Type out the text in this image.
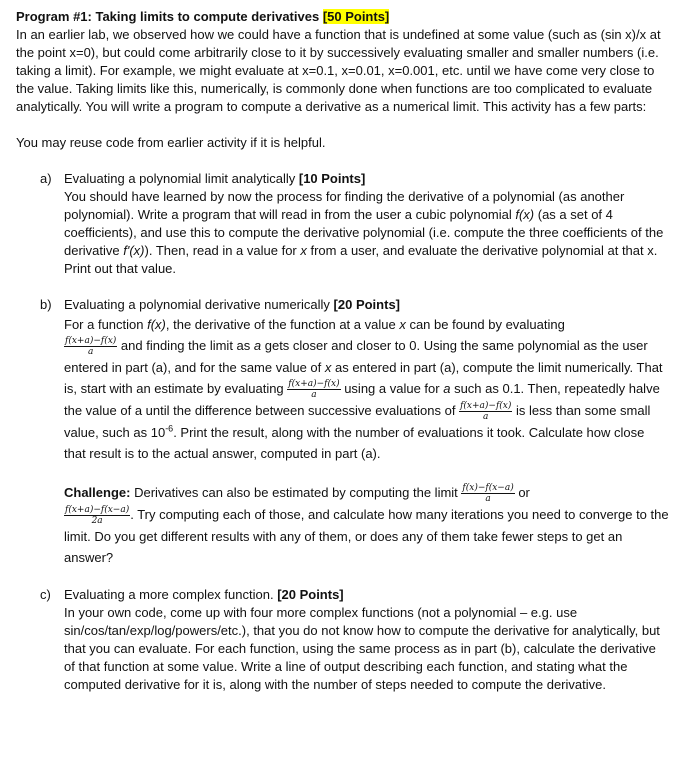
Program #1: Taking limits to compute derivatives [50 Points]

In an earlier lab, we observed how we could have a function that is undefined at some value (such as (sin x)/x at the point x=0), but could come arbitrarily close to it by successively evaluating smaller and smaller numbers (i.e. taking a limit). For example, we might evaluate at x=0.1, x=0.01, x=0.001, etc. until we have come very close to the value. Taking limits like this, numerically, is commonly done when functions are too complicated to evaluate analytically. You will write a program to compute a derivative as a numerical limit. This activity has a few parts:

You may reuse code from earlier activity if it is helpful.

a) Evaluating a polynomial limit analytically [10 Points]

You should have learned by now the process for finding the derivative of a polynomial (as another polynomial). Write a program that will read in from the user a cubic polynomial f(x) (as a set of 4 coefficients), and use this to compute the derivative polynomial (i.e. compute the three coefficients of the derivative f'(x)). Then, read in a value for x from a user, and evaluate the derivative polynomial at that x. Print out that value.

b) Evaluating a polynomial derivative numerically [20 Points]

For a function f(x), the derivative of the function at a value x can be found by evaluating

$\frac{f(x+a)-f(x)}{a}$ and finding the limit as a gets closer and closer to 0. Using the same polynomial as the user entered in part (a), and for the same value of x as entered in part (a), compute the limit numerically. That is, start with an estimate by evaluating $\frac{f(x+a)-f(x)}{a}$ using a value for a such as 0.1. Then, repeatedly halve the value of a until the difference between successive evaluations of $\frac{f(x+a)-f(x)}{a}$ is less than some small value, such as $10^{-6}$. Print the result, along with the number of evaluations it took. Calculate how close that result is to the actual answer, computed in part (a).

Challenge: Derivatives can also be estimated by computing the limit $\frac{f(x)-f(x-a)}{a}$ or

$\frac{f(x+a)-f(x-a)}{2a}$ . Try computing each of those, and calculate how many iterations you need to converge to the limit. Do you get different results with any of them, or does any of them take fewer steps to get an answer?

c) Evaluating a more complex function. [20 Points]

In your own code, come up with four more complex functions (not a polynomial – e.g. use sin/cos/tan/exp/log/powers/etc.), that you do not know how to compute the derivative for analytically, but that you can evaluate. For each function, using the same process as in part (b), calculate the derivative of that function at some value. Write a line of output describing each function, and stating what the computed derivative for it is, along with the number of steps needed to compute the derivative.
